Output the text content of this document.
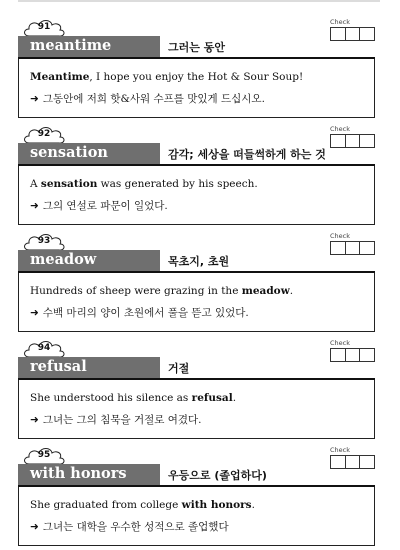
91
meantime	그러는 동안
Check
Meantime, I hope you enjoy the Hot & Sour Soup!
➜ 그동안에 저희 핫&사워 수프를 맛있게 드십시오.
92
sensation	감각; 세상을 떠들썩하게 하는 것
Check
A sensation was generated by his speech.
➜ 그의 연설로 파문이 일었다.
93
meadow	목초지, 초원
Check
Hundreds of sheep were grazing in the meadow.
➜ 수백 마리의 양이 초원에서 풀을 뜯고 있었다.
94
refusal	거절
Check
She understood his silence as refusal.
➜ 그녀는 그의 침묵을 거절로 여겼다.
95
with honors	우등으로 (졸업하다)
Check
She graduated from college with honors.
➜ 그녀는 대학을 우수한 성적으로 졸업했다
